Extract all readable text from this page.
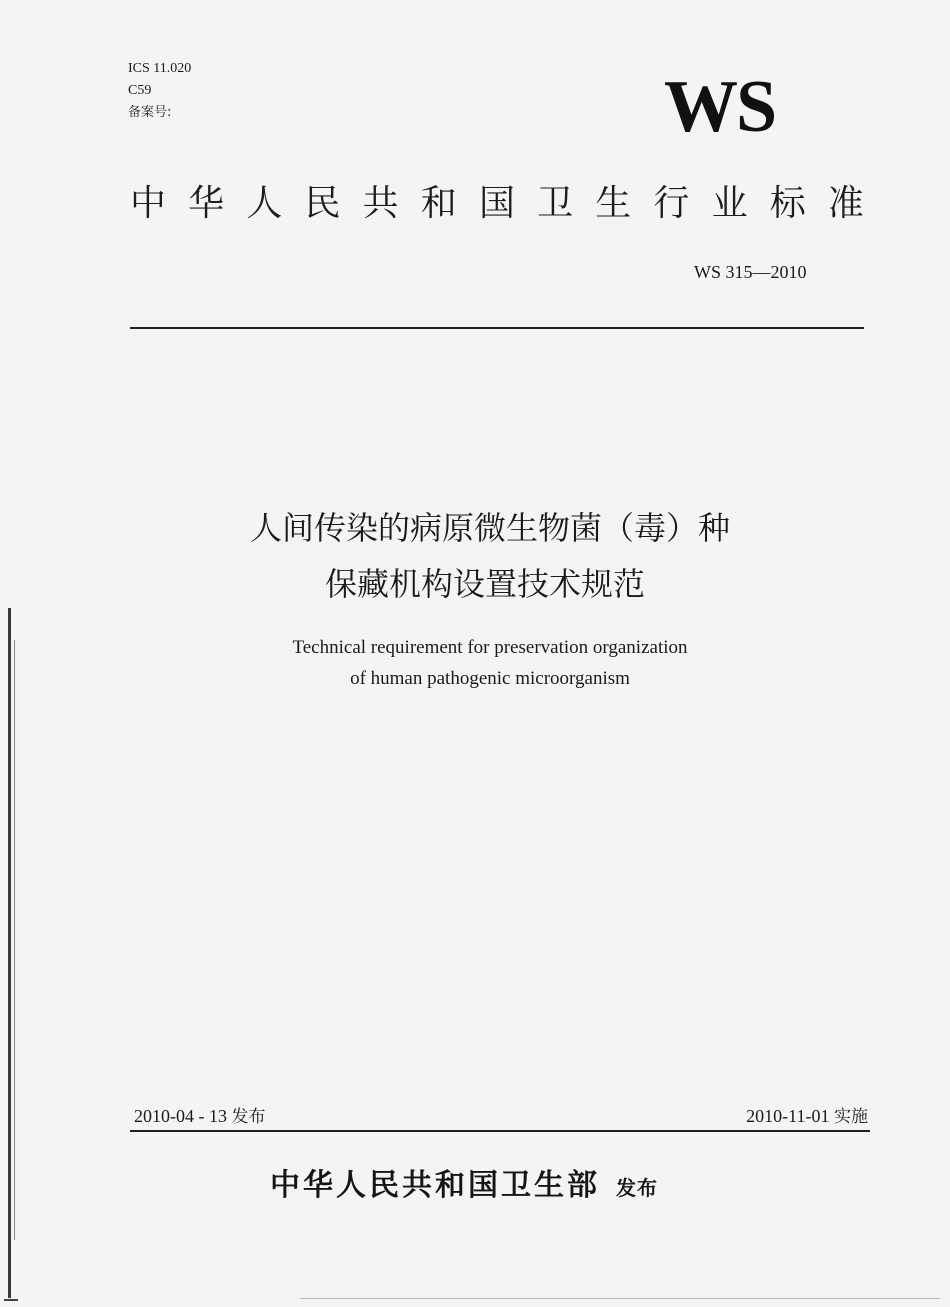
ICS 11.020
C59
备案号:	WS
中 华 人 民 共 和 国 卫 生 行 业 标 准
WS 315—2010
人间传染的病原微生物菌（毒）种
保藏机构设置技术规范
Technical requirement for preservation organization
of human pathogenic microorganism
2010-04 - 13 发布	2010-11-01 实施
中华人民共和国卫生部 发布
